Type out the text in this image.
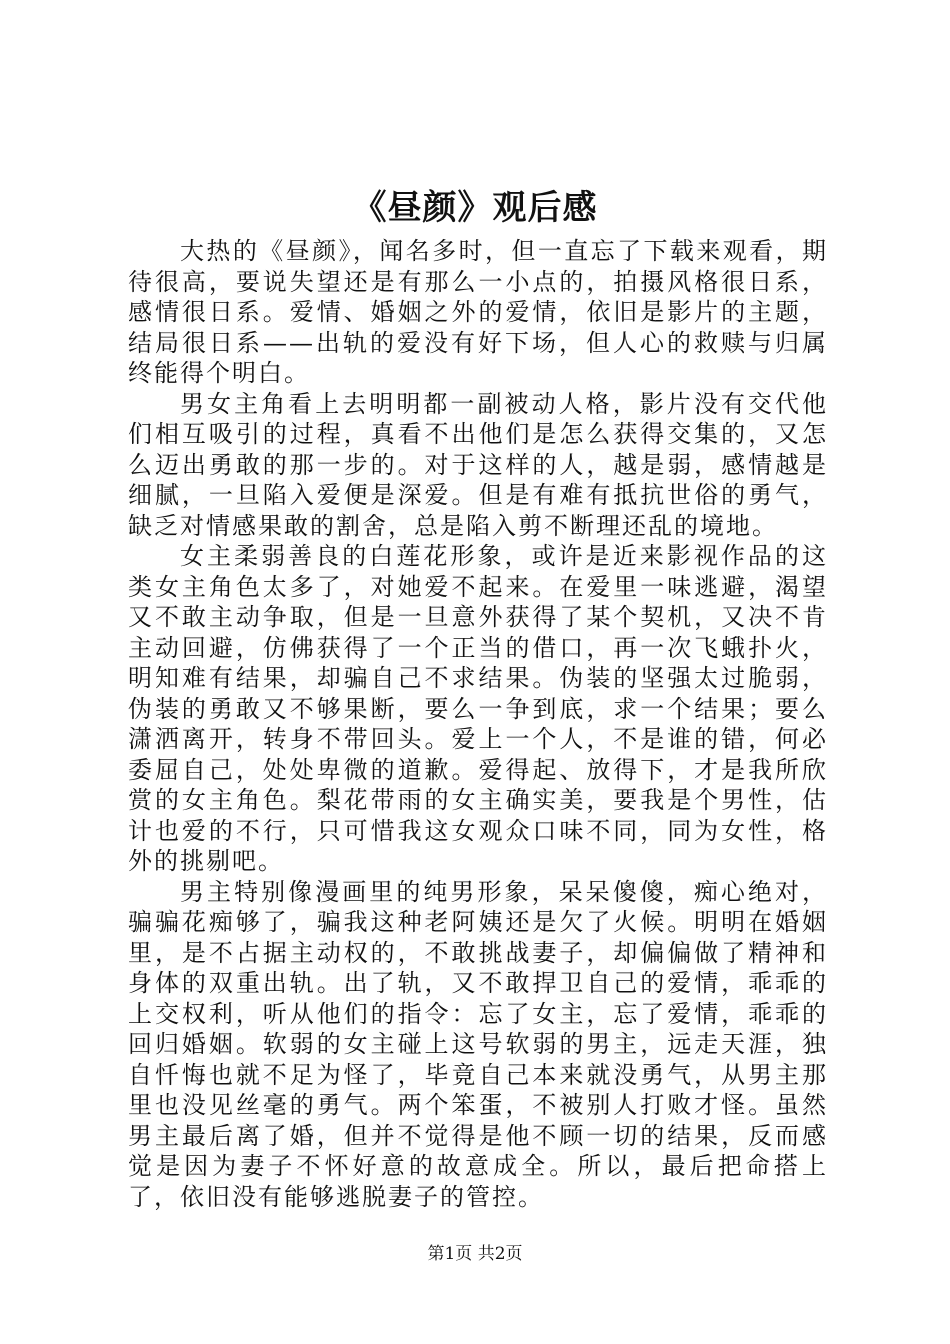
《昼颜》观后感

大热的《昼颜》，闻名多时，但一直忘了下载来观看，期待很高，要说失望还是有那么一小点的，拍摄风格很日系，感情很日系。爱情、婚姻之外的爱情，依旧是影片的主题，结局很日系——出轨的爱没有好下场，但人心的救赎与归属终能得个明白。

男女主角看上去明明都一副被动人格，影片没有交代他们相互吸引的过程，真看不出他们是怎么获得交集的，又怎么迈出勇敢的那一步的。对于这样的人，越是弱，感情越是细腻，一旦陷入爱便是深爱。但是有难有抵抗世俗的勇气，缺乏对情感果敢的割舍，总是陷入剪不断理还乱的境地。

女主柔弱善良的白莲花形象，或许是近来影视作品的这类女主角色太多了，对她爱不起来。在爱里一味逃避，渴望又不敢主动争取，但是一旦意外获得了某个契机，又决不肯主动回避，仿佛获得了一个正当的借口，再一次飞蛾扑火，明知难有结果，却骗自己不求结果。伪装的坚强太过脆弱，伪装的勇敢又不够果断，要么一争到底，求一个结果；要么潇洒离开，转身不带回头。爱上一个人，不是谁的错，何必委屈自己，处处卑微的道歉。爱得起、放得下，才是我所欣赏的女主角色。梨花带雨的女主确实美，要我是个男性，估计也爱的不行，只可惜我这女观众口味不同，同为女性，格外的挑剔吧。

男主特别像漫画里的纯男形象，呆呆傻傻，痴心绝对，骗骗花痴够了，骗我这种老阿姨还是欠了火候。明明在婚姻里，是不占据主动权的，不敢挑战妻子，却偏偏做了精神和身体的双重出轨。出了轨，又不敢捍卫自己的爱情，乖乖的上交权利，听从他们的指令：忘了女主，忘了爱情，乖乖的回归婚姻。软弱的女主碰上这号软弱的男主，远走天涯，独自忏悔也就不足为怪了，毕竟自己本来就没勇气，从男主那里也没见丝毫的勇气。两个笨蛋，不被别人打败才怪。虽然男主最后离了婚，但并不觉得是他不顾一切的结果，反而感觉是因为妻子不怀好意的故意成全。所以，最后把命搭上了，依旧没有能够逃脱妻子的管控。

第1页 共2页
